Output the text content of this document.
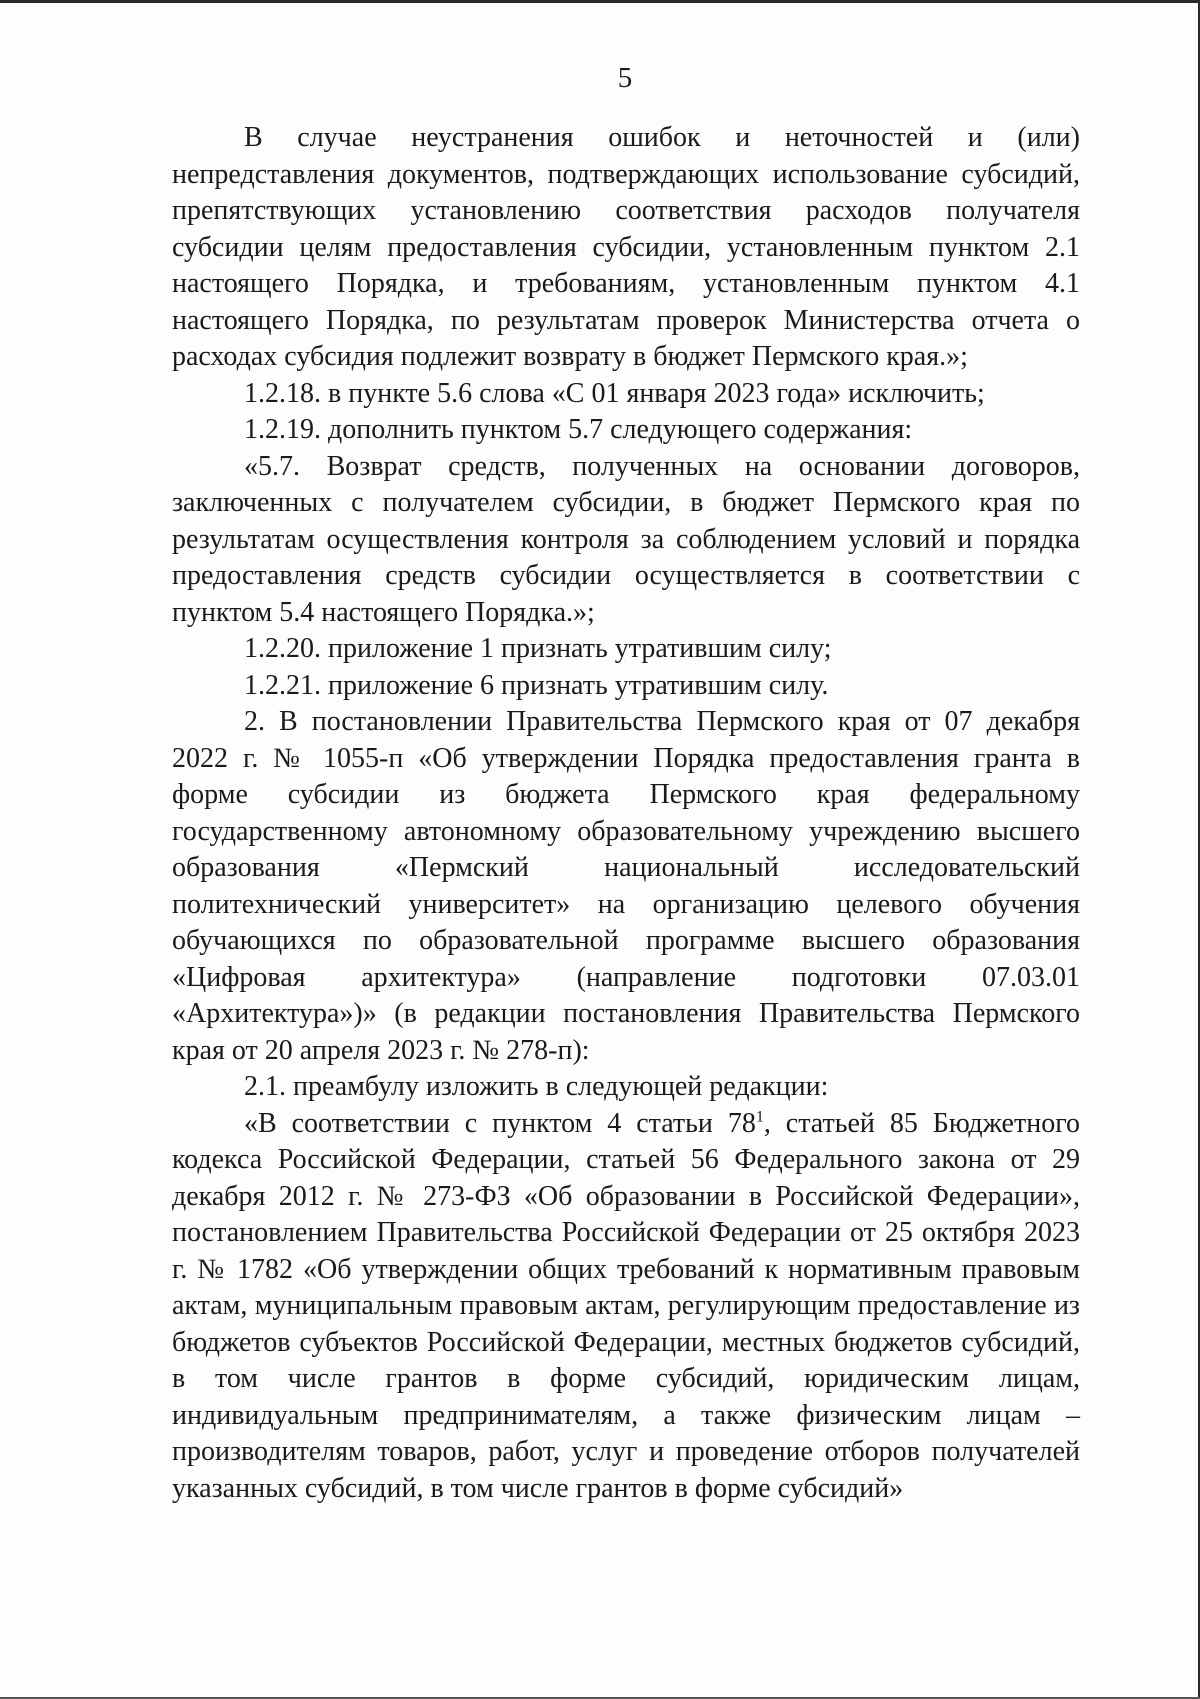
5

В случае неустранения ошибок и неточностей и (или) непредставления документов, подтверждающих использование субсидий, препятствующих установлению соответствия расходов получателя субсидии целям предоставления субсидии, установленным пунктом 2.1 настоящего Порядка, и требованиям, установленным пунктом 4.1 настоящего Порядка, по результатам проверок Министерства отчета о расходах субсидия подлежит возврату в бюджет Пермского края.»;

1.2.18. в пункте 5.6 слова «С 01 января 2023 года» исключить;

1.2.19. дополнить пунктом 5.7 следующего содержания:

«5.7. Возврат средств, полученных на основании договоров, заключенных с получателем субсидии, в бюджет Пермского края по результатам осуществления контроля за соблюдением условий и порядка предоставления средств субсидии осуществляется в соответствии с пунктом 5.4 настоящего Порядка.»;

1.2.20. приложение 1 признать утратившим силу;

1.2.21. приложение 6 признать утратившим силу.

2. В постановлении Правительства Пермского края от 07 декабря 2022 г. № 1055-п «Об утверждении Порядка предоставления гранта в форме субсидии из бюджета Пермского края федеральному государственному автономному образовательному учреждению высшего образования «Пермский национальный исследовательский политехнический университет» на организацию целевого обучения обучающихся по образовательной программе высшего образования «Цифровая архитектура» (направление подготовки 07.03.01 «Архитектура»)» (в редакции постановления Правительства Пермского края от 20 апреля 2023 г. № 278-п):

2.1. преамбулу изложить в следующей редакции:

«В соответствии с пунктом 4 статьи $78^1$, статьей 85 Бюджетного кодекса Российской Федерации, статьей 56 Федерального закона от 29 декабря 2012 г. № 273-ФЗ «Об образовании в Российской Федерации», постановлением Правительства Российской Федерации от 25 октября 2023 г. № 1782 «Об утверждении общих требований к нормативным правовым актам, муниципальным правовым актам, регулирующим предоставление из бюджетов субъектов Российской Федерации, местных бюджетов субсидий, в том числе грантов в форме субсидий, юридическим лицам, индивидуальным предпринимателям, а также физическим лицам – производителям товаров, работ, услуг и проведение отборов получателей указанных субсидий, в том числе грантов в форме субсидий»
